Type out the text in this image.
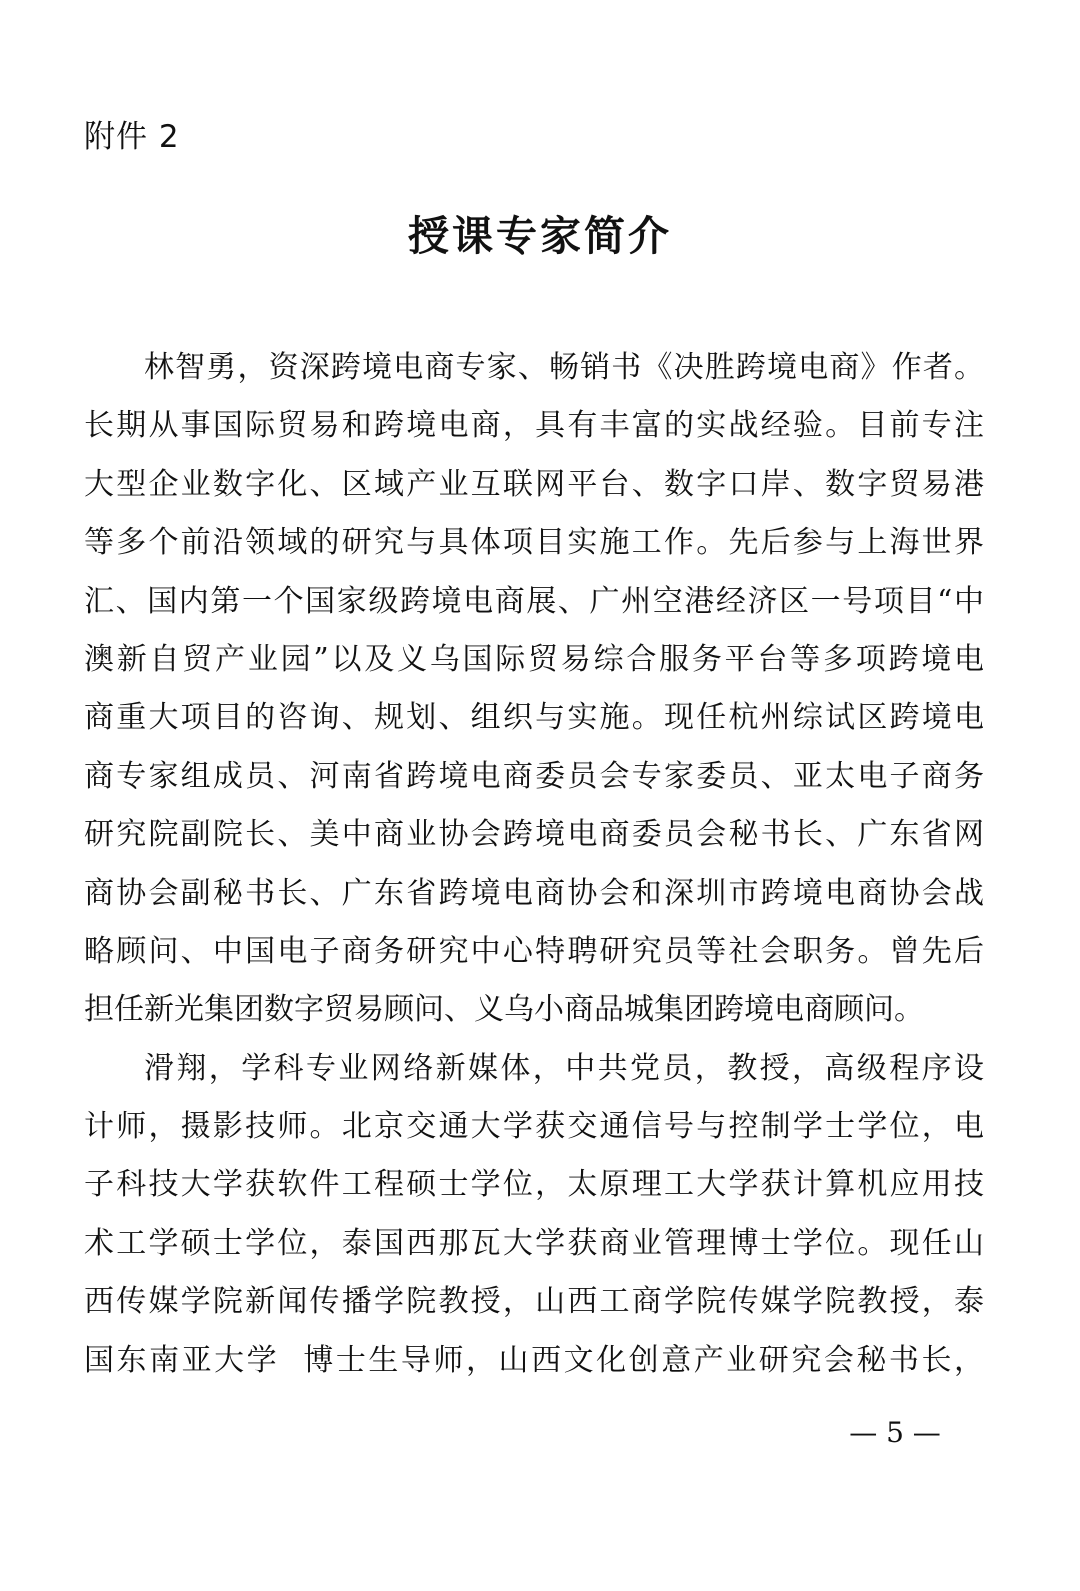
附件 2
授课专家简介
林智勇，资深跨境电商专家、畅销书《决胜跨境电商》作者。
长期从事国际贸易和跨境电商，具有丰富的实战经验。目前专注
大型企业数字化、区域产业互联网平台、数字口岸、数字贸易港
等多个前沿领域的研究与具体项目实施工作。先后参与上海世界
汇、国内第一个国家级跨境电商展、广州空港经济区一号项目“中
澳新自贸产业园”以及义乌国际贸易综合服务平台等多项跨境电
商重大项目的咨询、规划、组织与实施。现任杭州综试区跨境电
商专家组成员、河南省跨境电商委员会专家委员、亚太电子商务
研究院副院长、美中商业协会跨境电商委员会秘书长、广东省网
商协会副秘书长、广东省跨境电商协会和深圳市跨境电商协会战
略顾问、中国电子商务研究中心特聘研究员等社会职务。曾先后
担任新光集团数字贸易顾问、义乌小商品城集团跨境电商顾问。
滑翔，学科专业网络新媒体，中共党员，教授，高级程序设
计师，摄影技师。北京交通大学获交通信号与控制学士学位，电
子科技大学获软件工程硕士学位，太原理工大学获计算机应用技
术工学硕士学位，泰国西那瓦大学获商业管理博士学位。现任山
西传媒学院新闻传播学院教授，山西工商学院传媒学院教授，泰
国东南亚大学  博士生导师，山西文化创意产业研究会秘书长，
— 5 —
